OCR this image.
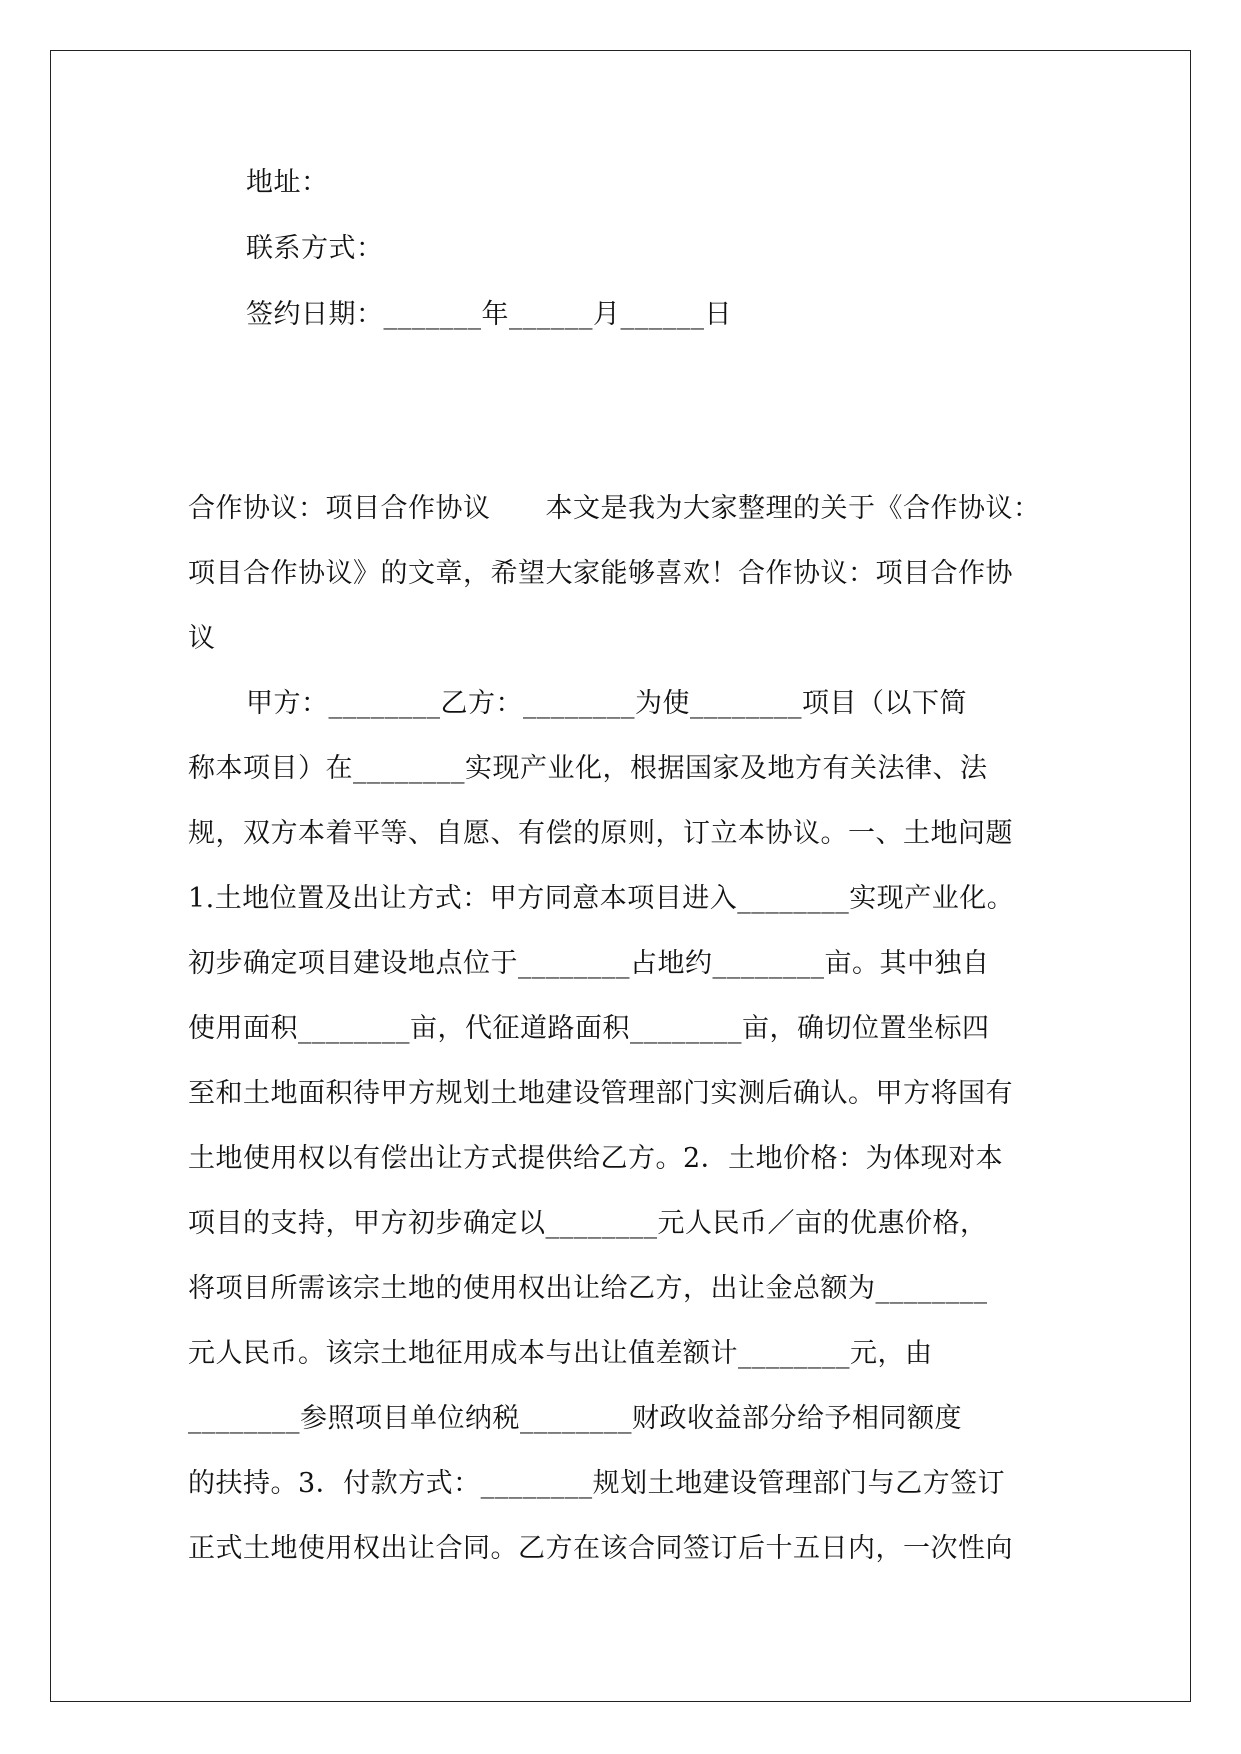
地址：
联系方式：
签约日期：_______年______月______日
合作协议：项目合作协议　　本文是我为大家整理的关于《合作协议：
项目合作协议》的文章，希望大家能够喜欢！合作协议：项目合作协
议
甲方：________乙方：________为使________项目（以下简
称本项目）在________实现产业化，根据国家及地方有关法律、法
规，双方本着平等、自愿、有偿的原则，订立本协议。一、土地问题
1.土地位置及出让方式：甲方同意本项目进入________实现产业化。
初步确定项目建设地点位于________占地约________亩。其中独自
使用面积________亩，代征道路面积________亩，确切位置坐标四
至和土地面积待甲方规划土地建设管理部门实测后确认。甲方将国有
土地使用权以有偿出让方式提供给乙方。2．土地价格：为体现对本
项目的支持，甲方初步确定以________元人民币／亩的优惠价格，
将项目所需该宗土地的使用权出让给乙方，出让金总额为________
元人民币。该宗土地征用成本与出让值差额计________元，由
________参照项目单位纳税________财政收益部分给予相同额度
的扶持。3．付款方式：________规划土地建设管理部门与乙方签订
正式土地使用权出让合同。乙方在该合同签订后十五日内，一次性向
